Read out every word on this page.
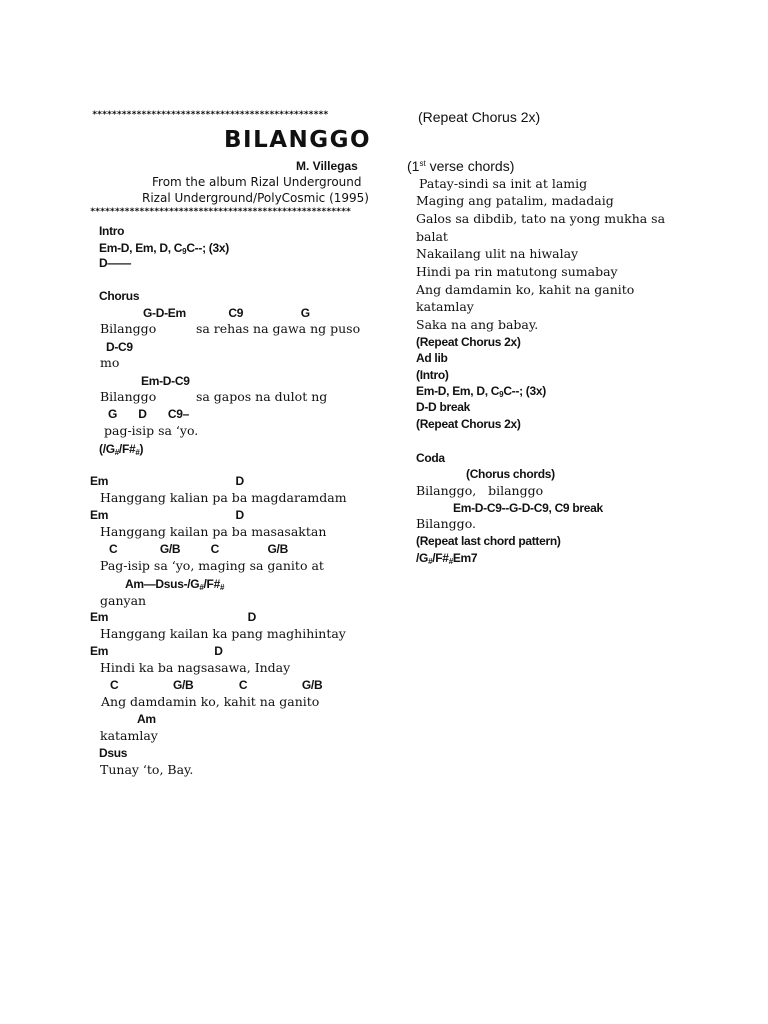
************************************************
BILANGGO
M. Villegas
From the album Rizal Underground
Rizal Underground/PolyCosmic (1995)
*****************************************************
Intro
Em-D, Em, D, $C_9C--$; (3x)
D——
Chorus
G-D-Em              C9                   G
Bilanggo          sa rehas na gawa ng puso
D-C9
mo
Em-D-C9
Bilanggo          sa gapos na dulot ng
G       D       C9–
pag-isip sa ‘yo.
$(/G_{\#}/F\#_{\#})$
Em                                          D
Hanggang kalian pa ba magdaramdam
Em                                          D
Hanggang kailan pa ba masasaktan
C              G/B          C                G/B
Pag-isip sa ‘yo, maging sa ganito at
$Am—Dsus-/G_{\#}/F\#_{\#}$
ganyan
Em                                              D
Hanggang kailan ka pang maghihintay
Em                                   D
Hindi ka ba nagsasawa, Inday
C                  G/B               C                  G/B
Ang damdamin ko, kahit na ganito
Am
katamlay
Dsus
Tunay ‘to, Bay.
(Repeat Chorus 2x)
(1st verse chords)
Patay-sindi sa init at lamig
Maging ang patalim, madadaig
Galos sa dibdib, tato na yong mukha sa
balat
Nakailang ulit na hiwalay
Hindi pa rin matutong sumabay
Ang damdamin ko, kahit na ganito
katamlay
Saka na ang babay.
(Repeat Chorus 2x)
Ad lib
(Intro)
Em-D, Em, D, $C_9C--$; (3x)
D-D break
(Repeat Chorus 2x)
Coda
(Chorus chords)
Bilanggo,   bilanggo
Em-D-C9--G-D-C9, C9 break
Bilanggo.
(Repeat last chord pattern)
$/G_{\#}/F\#_{\#}Em7$
